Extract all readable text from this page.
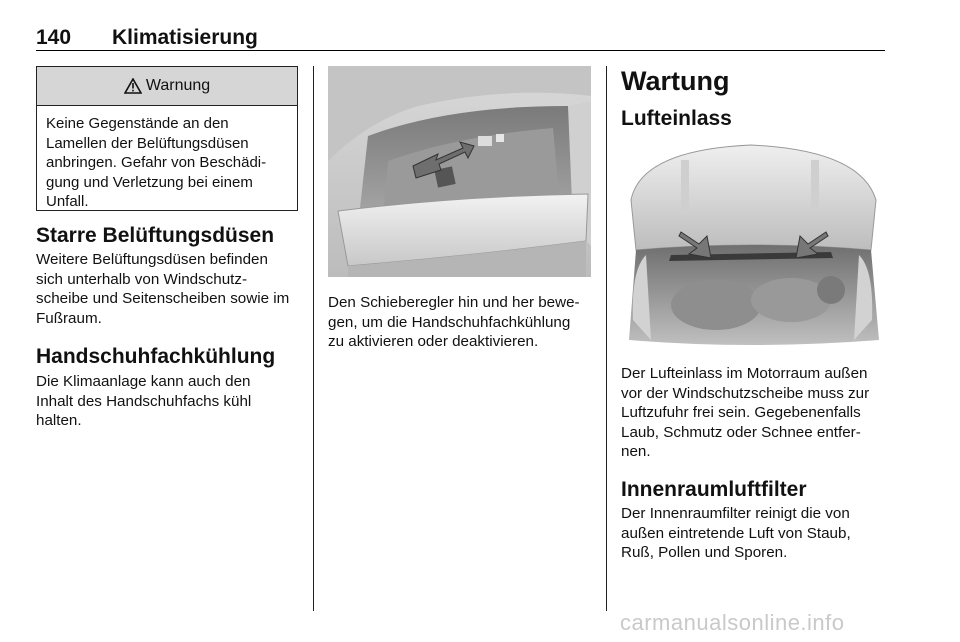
140 Klimatisierung
Warnung
Keine Gegenstände an den
Lamellen der Belüftungsdüsen
anbringen. Gefahr von Beschädi-
gung und Verletzung bei einem
Unfall.
Starre Belüftungsdüsen
Weitere Belüftungsdüsen befinden
sich unterhalb von Windschutz-
scheibe und Seitenscheiben sowie im
Fußraum.
Handschuhfachkühlung
Die Klimaanlage kann auch den
Inhalt des Handschuhfachs kühl
halten.
Den Schieberegler hin und her bewe-
gen, um die Handschuhfachkühlung
zu aktivieren oder deaktivieren.
Wartung
Lufteinlass
Der Lufteinlass im Motorraum außen
vor der Windschutzscheibe muss zur
Luftzufuhr frei sein. Gegebenenfalls
Laub, Schmutz oder Schnee entfer-
nen.
Innenraumluftfilter
Der Innenraumfilter reinigt die von
außen eintretende Luft von Staub,
Ruß, Pollen und Sporen.
carmanualsonline.info
